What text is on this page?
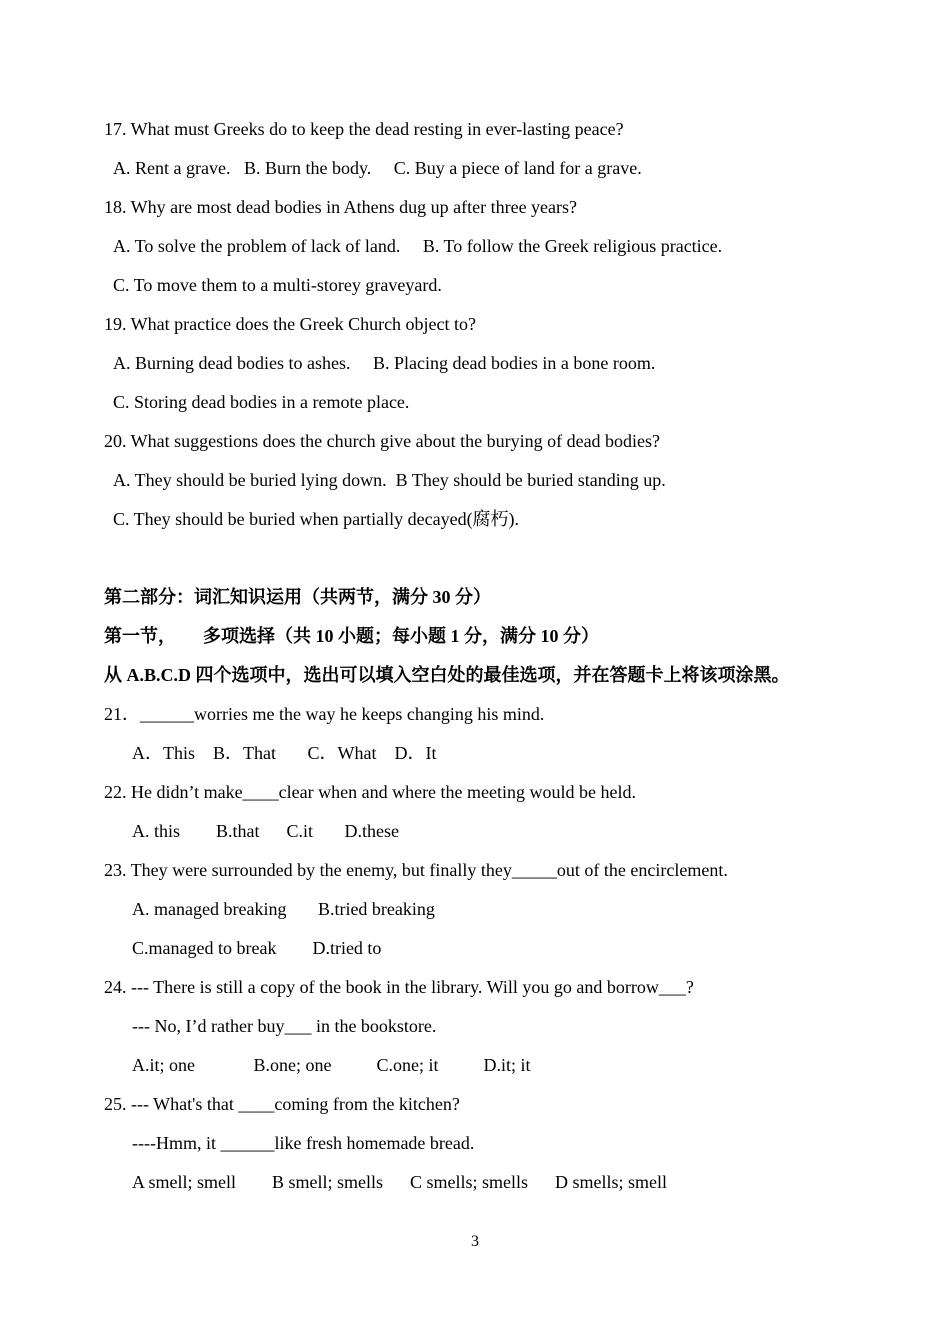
17. What must Greeks do to keep the dead resting in ever-lasting peace?
A. Rent a grave.   B. Burn the body.     C. Buy a piece of land for a grave.
18. Why are most dead bodies in Athens dug up after three years?
A. To solve the problem of lack of land.     B. To follow the Greek religious practice.
C. To move them to a multi-storey graveyard.
19. What practice does the Greek Church object to?
A. Burning dead bodies to ashes.     B. Placing dead bodies in a bone room.
C. Storing dead bodies in a remote place.
20. What suggestions does the church give about the burying of dead bodies?
A. They should be buried lying down.  B They should be buried standing up.
C. They should be buried when partially decayed(腐朽).
第二部分：词汇知识运用（共两节，满分 30 分）
第一节，      多项选择（共 10 小题；每小题 1 分，满分 10 分）
从 A.B.C.D 四个选项中，选出可以填入空白处的最佳选项，并在答题卡上将该项涂黑。
21．______worries me the way he keeps changing his mind.
A．This    B．That       C．What    D．It
22. He didn’t make____clear when and where the meeting would be held.
A. this        B.that      C.it       D.these
23. They were surrounded by the enemy, but finally they_____out of the encirclement.
A. managed breaking       B.tried breaking
C.managed to break        D.tried to
24. --- There is still a copy of the book in the library. Will you go and borrow___?
--- No, I’d rather buy___ in the bookstore.
A.it; one             B.one; one          C.one; it          D.it; it
25. --- What's that ____coming from the kitchen?
----Hmm, it ______like fresh homemade bread.
A smell; smell        B smell; smells      C smells; smells      D smells; smell
3
